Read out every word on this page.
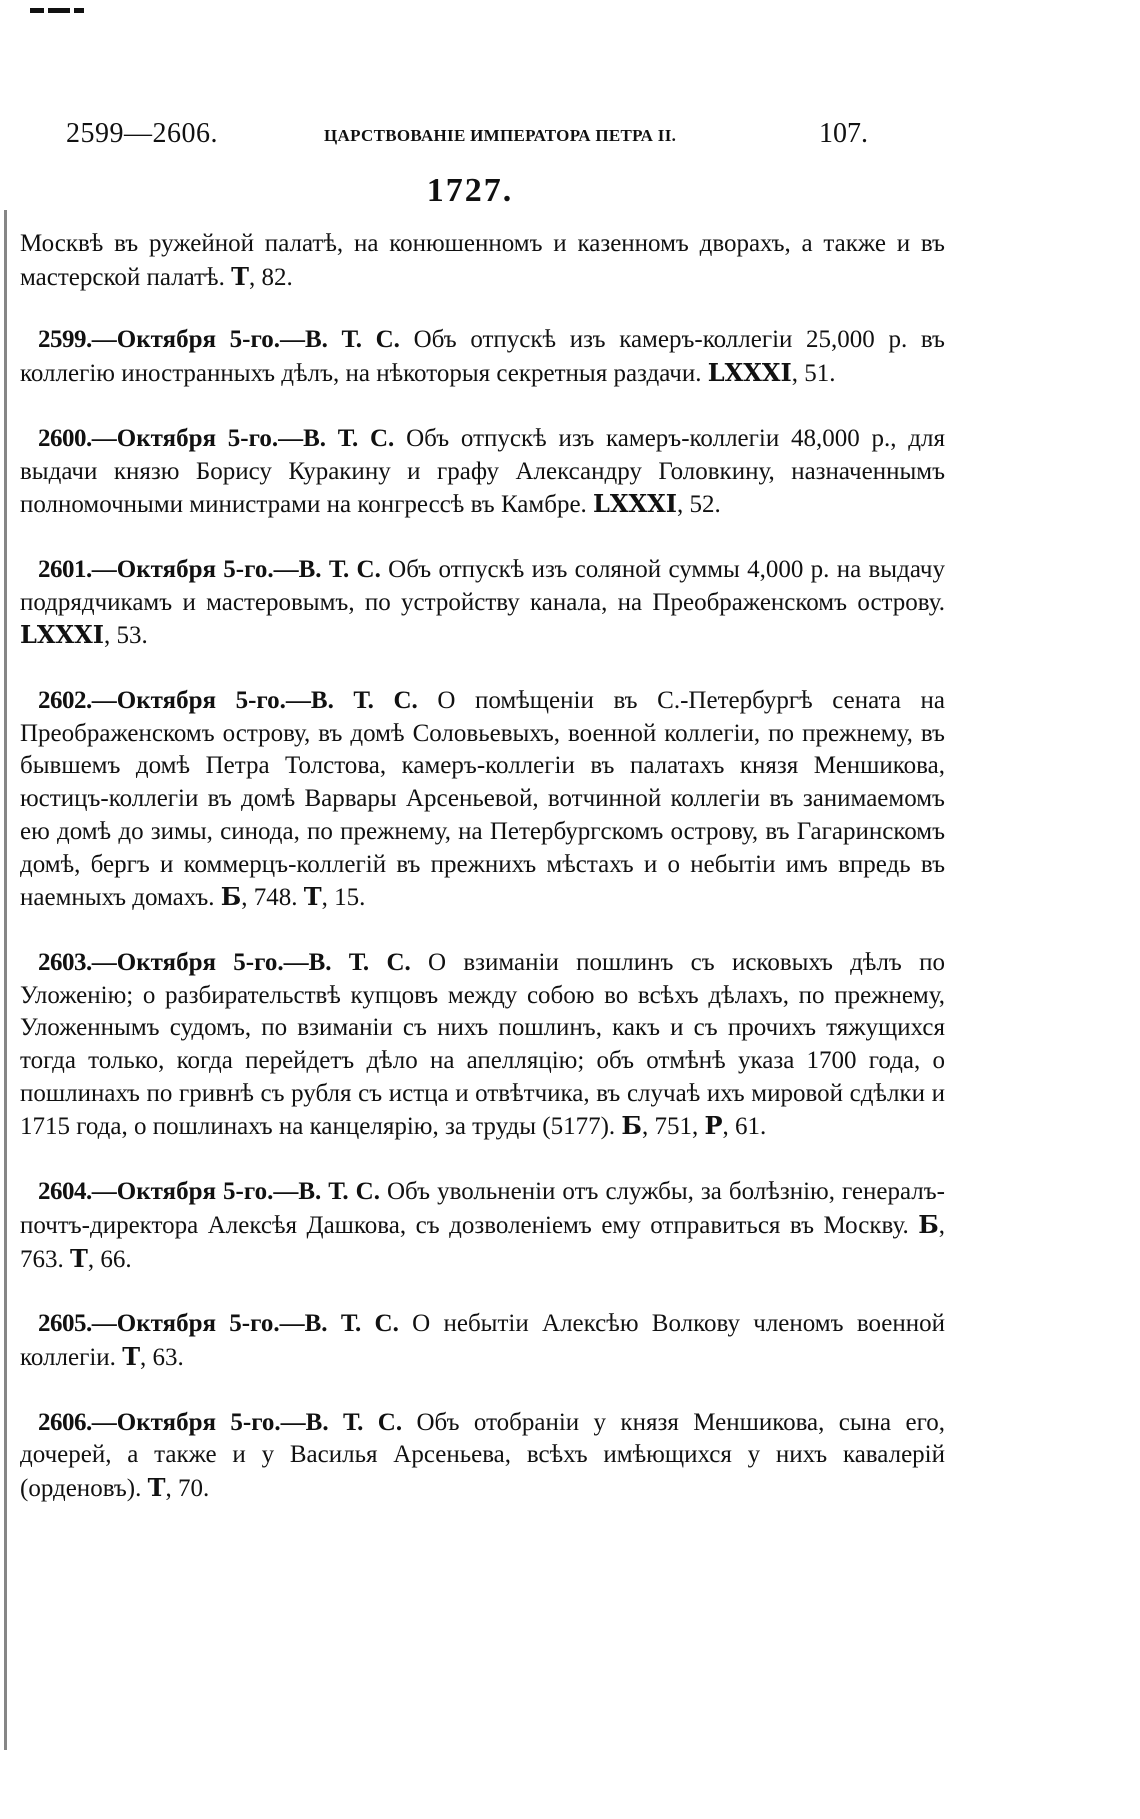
2599—2606.	ЦАРСТВОВАНІЕ ИМПЕРАТОРА ПЕТРА II.	107.
1727.

Москвѣ въ ружейной палатѣ, на конюшенномъ и казенномъ дворахъ, а также и въ мастерской палатѣ. Т, 82.

2599.—Октября 5-го.—В. Т. С. Объ отпускѣ изъ камеръ-коллегіи 25,000 р. въ коллегію иностранныхъ дѣлъ, на нѣкоторыя секретныя раздачи. LXXXI, 51.

2600.—Октября 5-го.—В. Т. С. Объ отпускѣ изъ камеръ-коллегіи 48,000 р., для выдачи князю Борису Куракину и графу Александру Головкину, назначеннымъ полномочными министрами на конгрессѣ въ Камбре. LXXXI, 52.

2601.—Октября 5-го.—В. Т. С. Объ отпускѣ изъ соляной суммы 4,000 р. на выдачу подрядчикамъ и мастеровымъ, по устройству канала, на Преображенскомъ острову. LXXXI, 53.

2602.—Октября 5-го.—В. Т. С. О помѣщеніи въ С.-Петербургѣ сената на Преображенскомъ острову, въ домѣ Соловьевыхъ, военной коллегіи, по прежнему, въ бывшемъ домѣ Петра Толстова, камеръ-коллегіи въ палатахъ князя Меншикова, юстицъ-коллегіи въ домѣ Варвары Арсеньевой, вотчинной коллегіи въ занимаемомъ ею домѣ до зимы, синода, по прежнему, на Петербургскомъ острову, въ Гагаринскомъ домѣ, бергъ и коммерцъ-коллегій въ прежнихъ мѣстахъ и о небытіи имъ впредь въ наемныхъ домахъ. Б, 748. Т, 15.

2603.—Октября 5-го.—В. Т. С. О взиманіи пошлинъ съ исковыхъ дѣлъ по Уложенію; о разбирательствѣ купцовъ между собою во всѣхъ дѣлахъ, по прежнему, Уложеннымъ судомъ, по взиманіи съ нихъ пошлинъ, какъ и съ прочихъ тяжущихся тогда только, когда перейдетъ дѣло на апелляцію; объ отмѣнѣ указа 1700 года, о пошлинахъ по гривнѣ съ рубля съ истца и отвѣтчика, въ случаѣ ихъ мировой сдѣлки и 1715 года, о пошлинахъ на канцелярію, за труды (5177). Б, 751, Р, 61.

2604.—Октября 5-го.—В. Т. С. Объ увольненіи отъ службы, за болѣзнію, генералъ-почтъ-директора Алексѣя Дашкова, съ дозволеніемъ ему отправиться въ Москву. Б, 763. Т, 66.

2605.—Октября 5-го.—В. Т. С. О небытіи Алексѣю Волкову членомъ военной коллегіи. Т, 63.

2606.—Октября 5-го.—В. Т. С. Объ отобраніи у князя Меншикова, сына его, дочерей, а также и у Василья Арсеньева, всѣхъ имѣющихся у нихъ кавалерій (орденовъ). Т, 70.
